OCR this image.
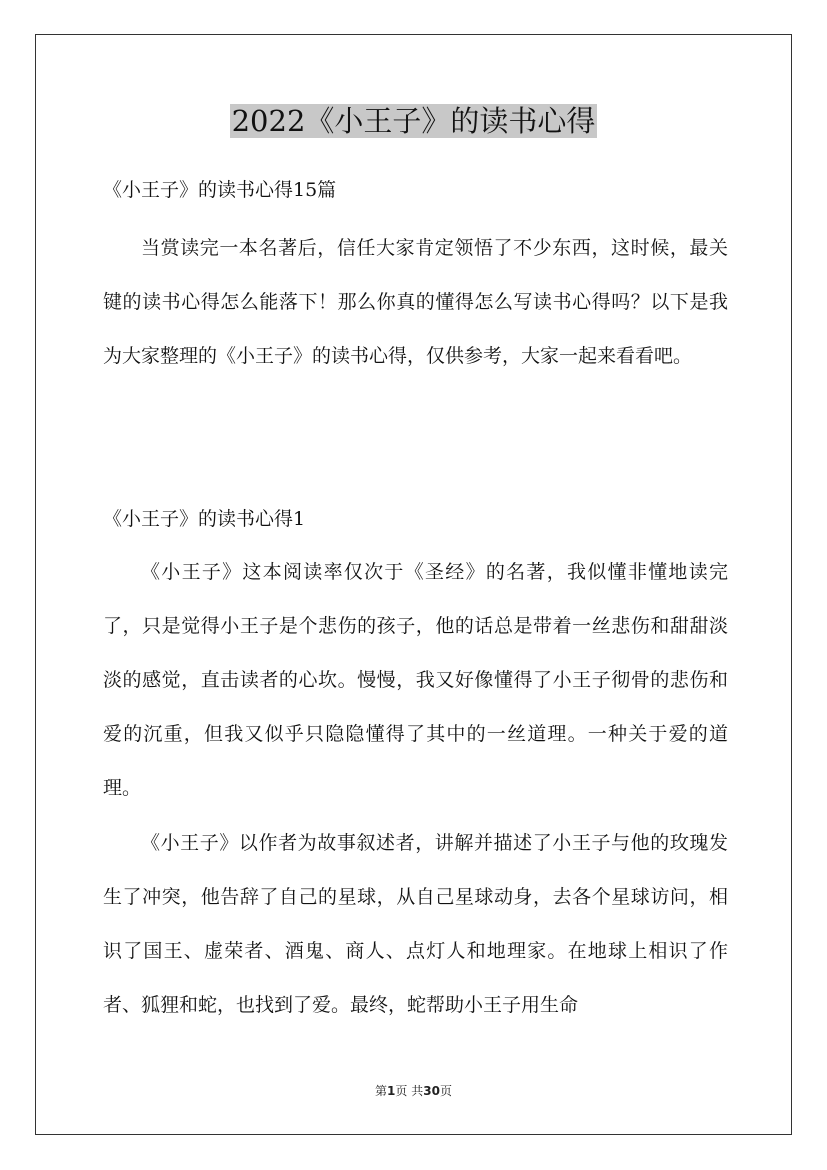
2022《小王子》的读书心得

《小王子》的读书心得15篇

当赏读完一本名著后，信任大家肯定领悟了不少东西，这时候，最关键的读书心得怎么能落下！那么你真的懂得怎么写读书心得吗？以下是我为大家整理的《小王子》的读书心得，仅供参考，大家一起来看看吧。

《小王子》的读书心得1

《小王子》这本阅读率仅次于《圣经》的名著，我似懂非懂地读完了，只是觉得小王子是个悲伤的孩子，他的话总是带着一丝悲伤和甜甜淡淡的感觉，直击读者的心坎。慢慢，我又好像懂得了小王子彻骨的悲伤和爱的沉重，但我又似乎只隐隐懂得了其中的一丝道理。一种关于爱的道理。

《小王子》以作者为故事叙述者，讲解并描述了小王子与他的玫瑰发生了冲突，他告辞了自己的星球，从自己星球动身，去各个星球访问，相识了国王、虚荣者、酒鬼、商人、点灯人和地理家。在地球上相识了作者、狐狸和蛇，也找到了爱。最终，蛇帮助小王子用生命

第1页 共30页
